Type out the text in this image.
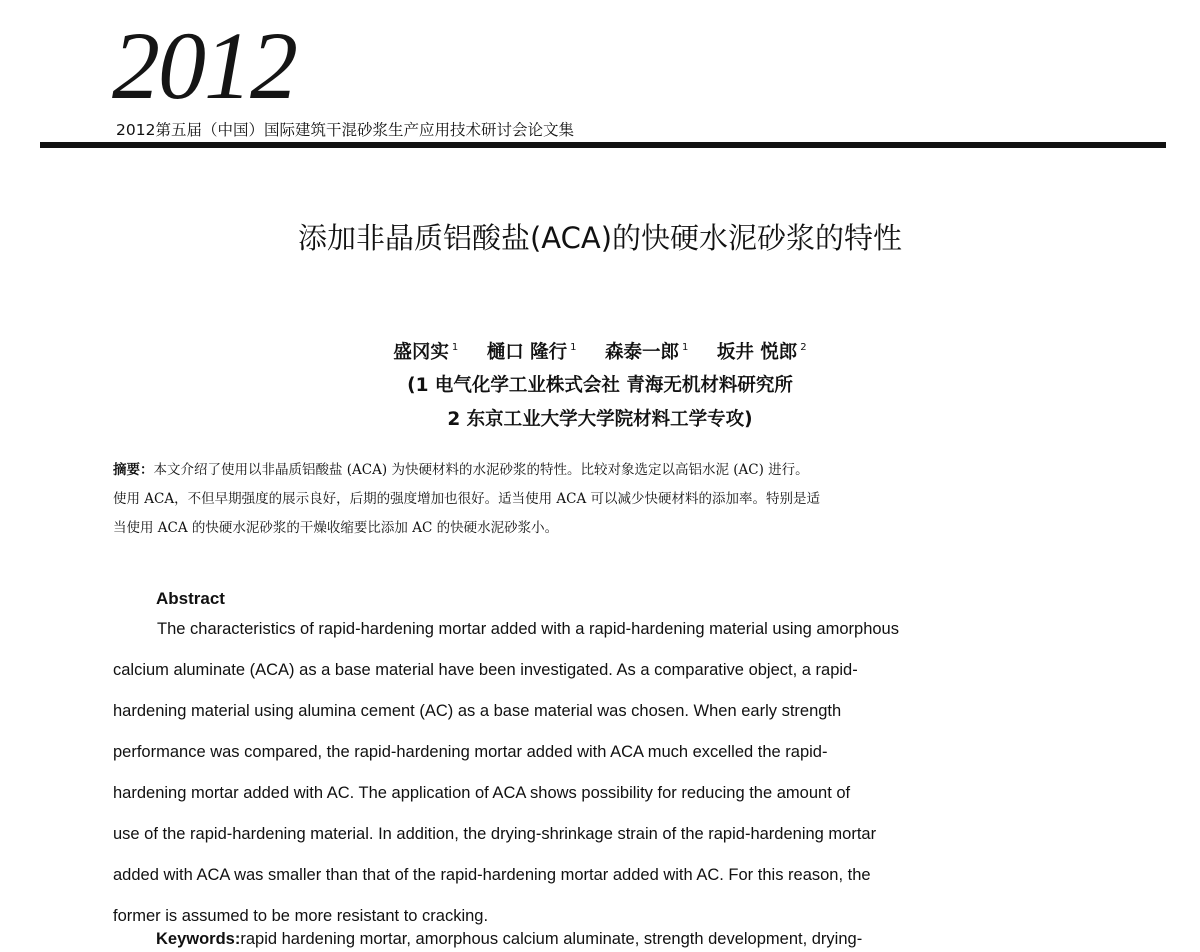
2012
2012第五届（中国）国际建筑干混砂浆生产应用技术研讨会论文集
添加非晶质铝酸盐(ACA)的快硬水泥砂浆的特性
盛冈实 $^1$ 樋口 隆行 $^1$ 森泰一郎 $^1$ 坂井 悦郎 $^2$
(1 电气化学工业株式会社 青海无机材料研究所
2 东京工业大学大学院材料工学专攻)
摘要：本文介绍了使用以非晶质铝酸盐 (ACA) 为快硬材料的水泥砂浆的特性。比较对象选定以高铝水泥 (AC) 进行。
使用 ACA，不但早期强度的展示良好，后期的强度增加也很好。适当使用 ACA 可以减少快硬材料的添加率。特别是适
当使用 ACA 的快硬水泥砂浆的干燥收缩要比添加 AC 的快硬水泥砂浆小。
Abstract
The characteristics of rapid-hardening mortar added with a rapid-hardening material using amorphous
calcium aluminate (ACA) as a base material have been investigated. As a comparative object, a rapid-
hardening material using alumina cement (AC) as a base material was chosen. When early strength
performance was compared, the rapid-hardening mortar added with ACA much excelled the rapid-
hardening mortar added with AC. The application of ACA shows possibility for reducing the amount of
use of the rapid-hardening material. In addition, the drying-shrinkage strain of the rapid-hardening mortar
added with ACA was smaller than that of the rapid-hardening mortar added with AC. For this reason, the
former is assumed to be more resistant to cracking.
Keywords:rapid hardening mortar, amorphous calcium aluminate, strength development, drying-
